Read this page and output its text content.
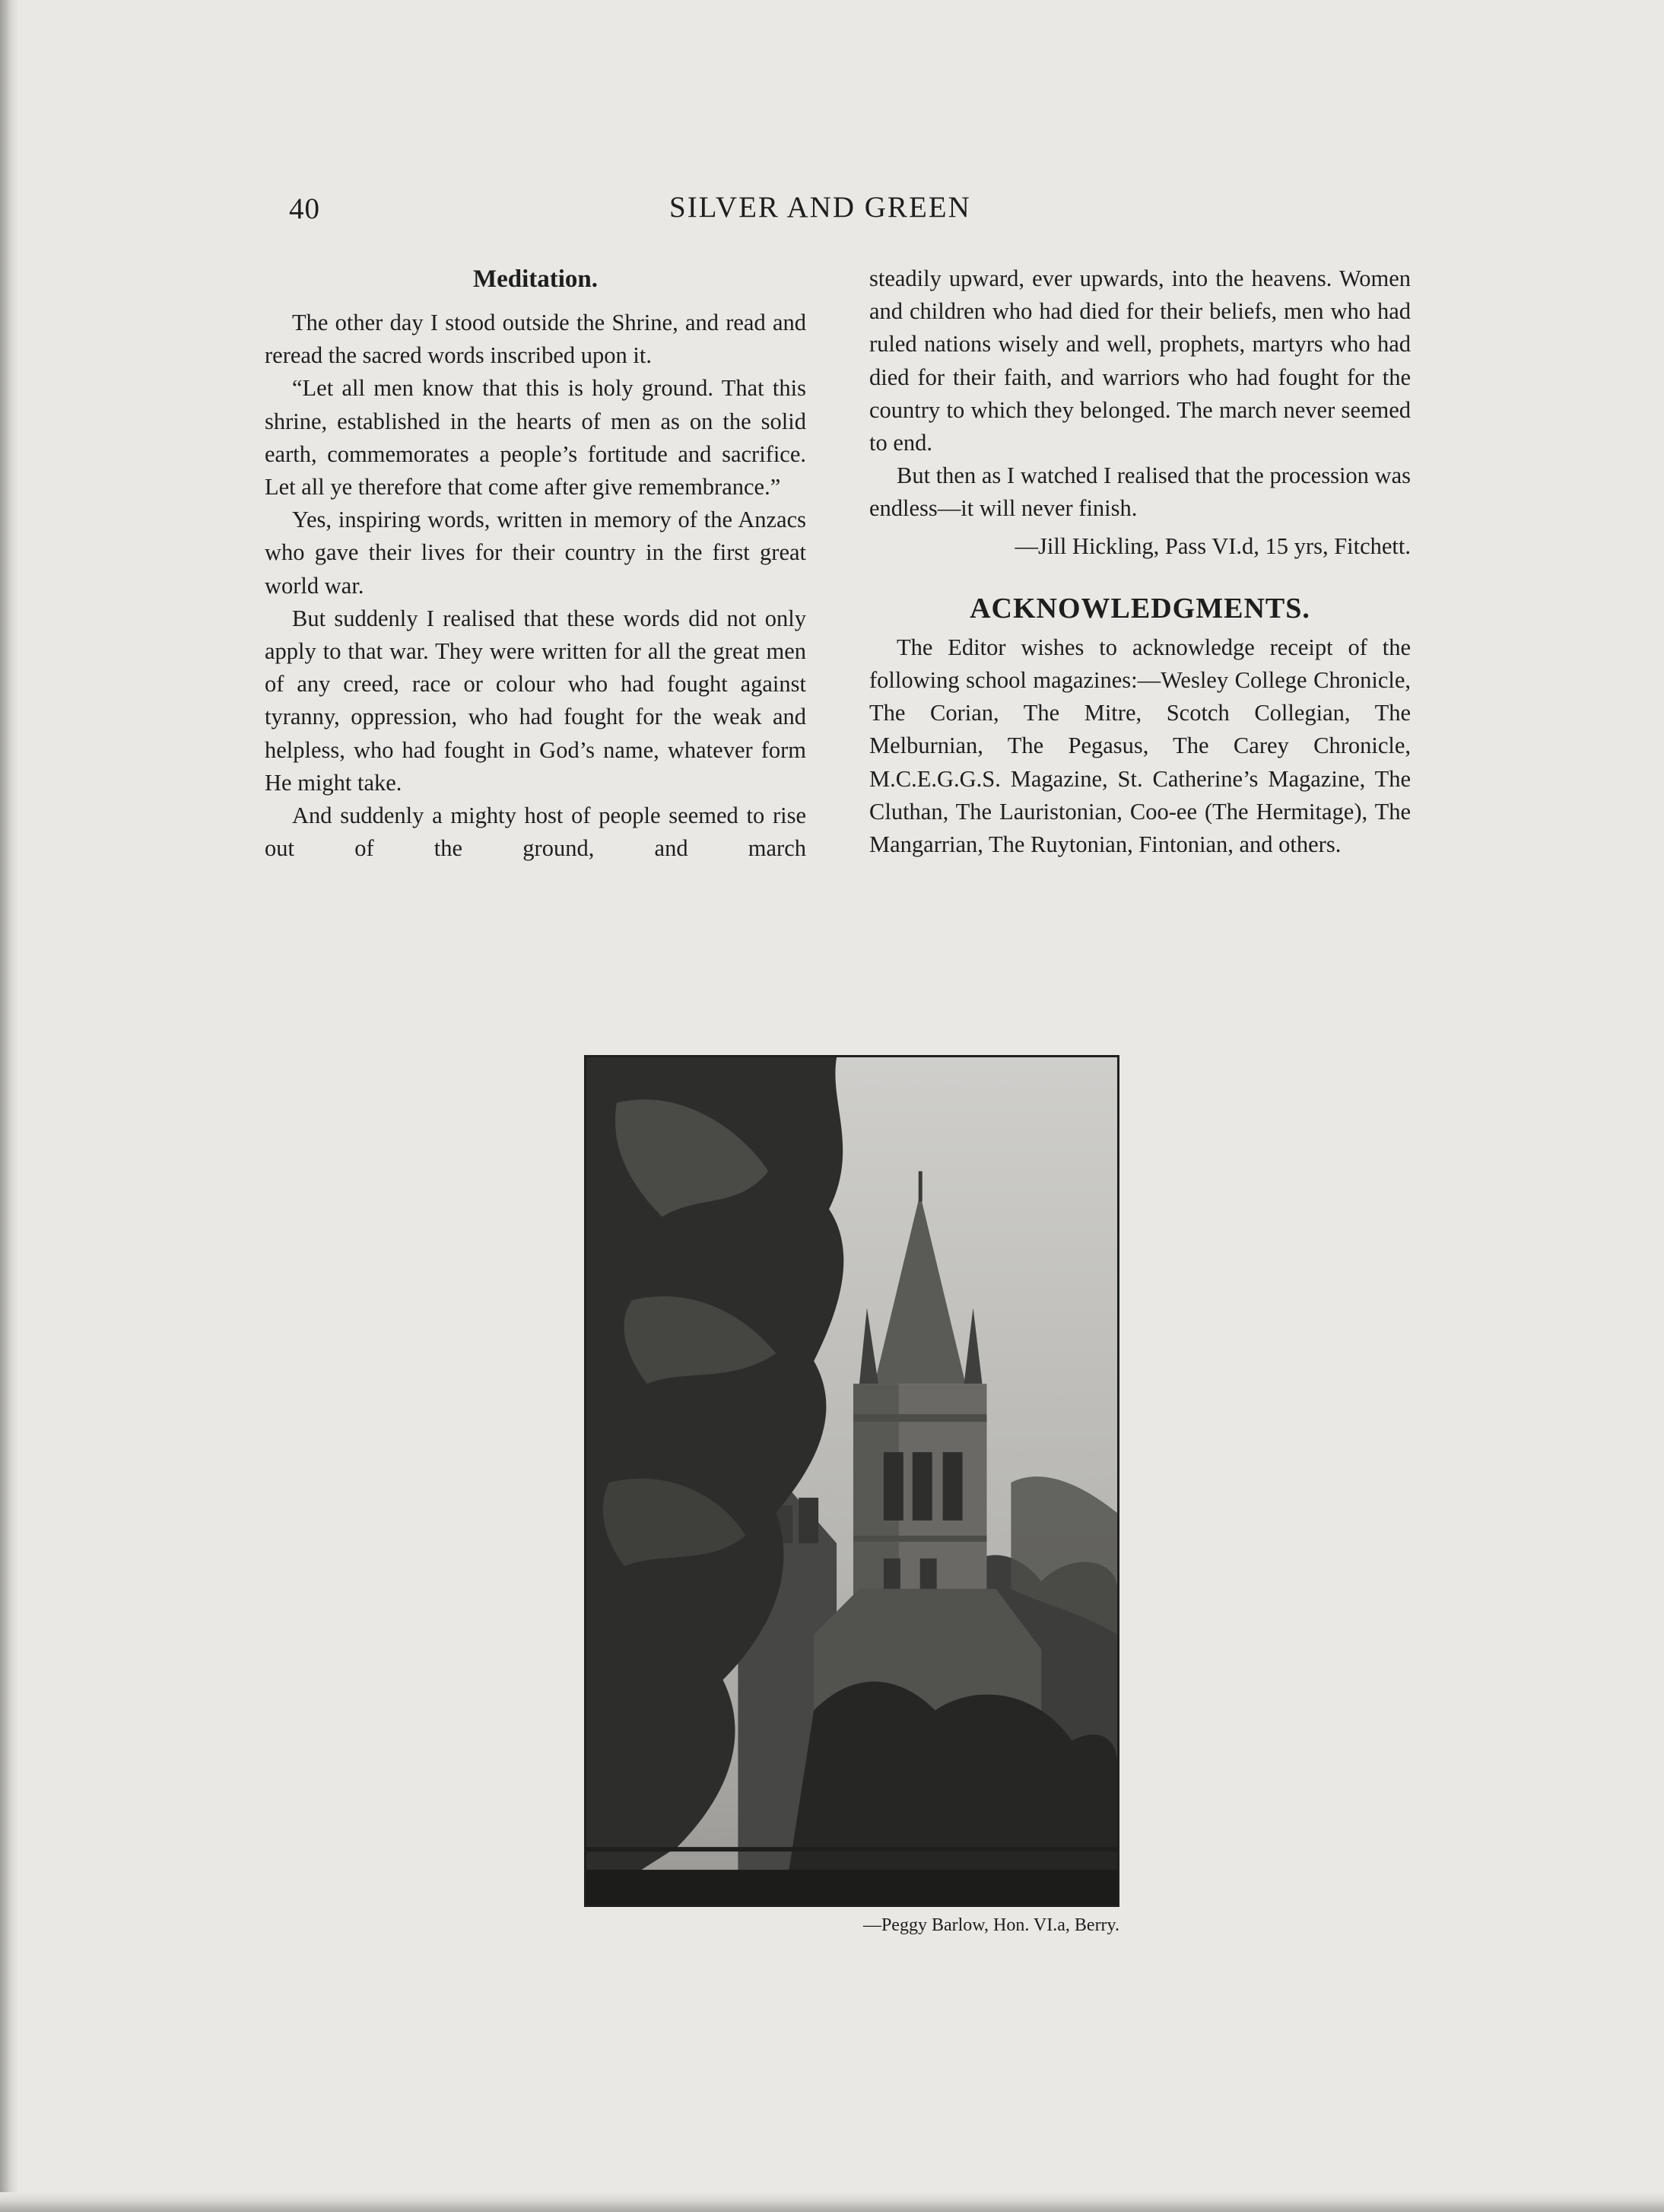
40	SILVER AND GREEN
Meditation.

The other day I stood outside the Shrine, and read and reread the sacred words inscribed upon it.

“Let all men know that this is holy ground. That this shrine, established in the hearts of men as on the solid earth, commemorates a people’s fortitude and sacrifice. Let all ye therefore that come after give remembrance.”

Yes, inspiring words, written in memory of the Anzacs who gave their lives for their country in the first great world war.

But suddenly I realised that these words did not only apply to that war. They were written for all the great men of any creed, race or colour who had fought against tyranny, oppression, who had fought for the weak and helpless, who had fought in God’s name, whatever form He might take.

And suddenly a mighty host of people seemed to rise out of the ground, and march

steadily upward, ever upwards, into the heavens. Women and children who had died for their beliefs, men who had ruled nations wisely and well, prophets, martyrs who had died for their faith, and warriors who had fought for the country to which they belonged. The march never seemed to end.

But then as I watched I realised that the procession was endless—it will never finish.

—Jill Hickling, Pass VI.d, 15 yrs, Fitchett.

ACKNOWLEDGMENTS.

The Editor wishes to acknowledge receipt of the following school magazines:—Wesley College Chronicle, The Corian, The Mitre, Scotch Collegian, The Melburnian, The Pegasus, The Carey Chronicle, M.C.E.G.G.S. Magazine, St. Catherine’s Magazine, The Cluthan, The Lauristonian, Coo-ee (The Hermitage), The Mangarrian, The Ruytonian, Fintonian, and others.

—Peggy Barlow, Hon. VI.a, Berry.
